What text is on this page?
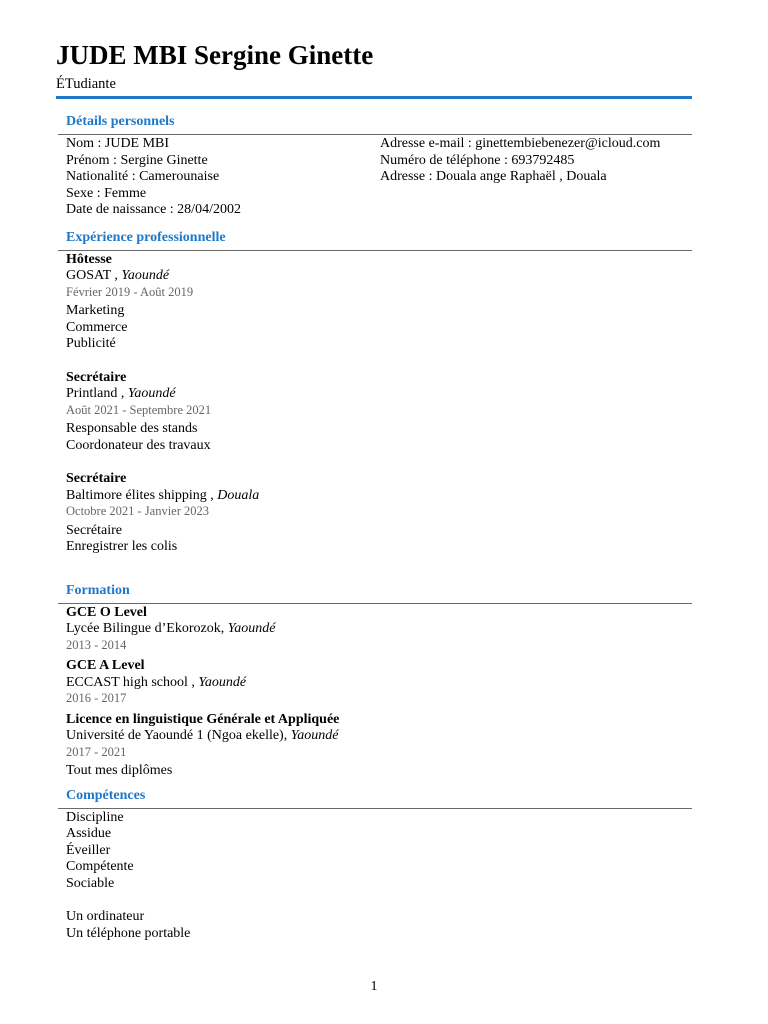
JUDE MBI Sergine Ginette
ÉTudiante
Détails personnels
Nom : JUDE MBI
Prénom : Sergine Ginette
Nationalité : Camerounaise
Sexe : Femme
Date de naissance : 28/04/2002
Adresse e-mail : ginettembiebenezer@icloud.com
Numéro de téléphone : 693792485
Adresse : Douala ange Raphaël , Douala
Expérience professionnelle
Hôtesse
GOSAT , Yaoundé
Février 2019 - Août 2019
Marketing
Commerce
Publicité
Secrétaire
Printland , Yaoundé
Août 2021 - Septembre 2021
Responsable des stands
Coordonateur des travaux
Secrétaire
Baltimore élites shipping , Douala
Octobre 2021 - Janvier 2023
Secrétaire
Enregistrer les colis
Formation
GCE O Level
Lycée Bilingue d’Ekorozok, Yaoundé
2013 - 2014
GCE A Level
ECCAST high school , Yaoundé
2016 - 2017
Licence en linguistique Générale et Appliquée
Université de Yaoundé 1 (Ngoa ekelle), Yaoundé
2017 - 2021
Tout mes diplômes
Compétences
Discipline
Assidue
Éveiller
Compétente
Sociable
Un ordinateur
Un téléphone portable
1
